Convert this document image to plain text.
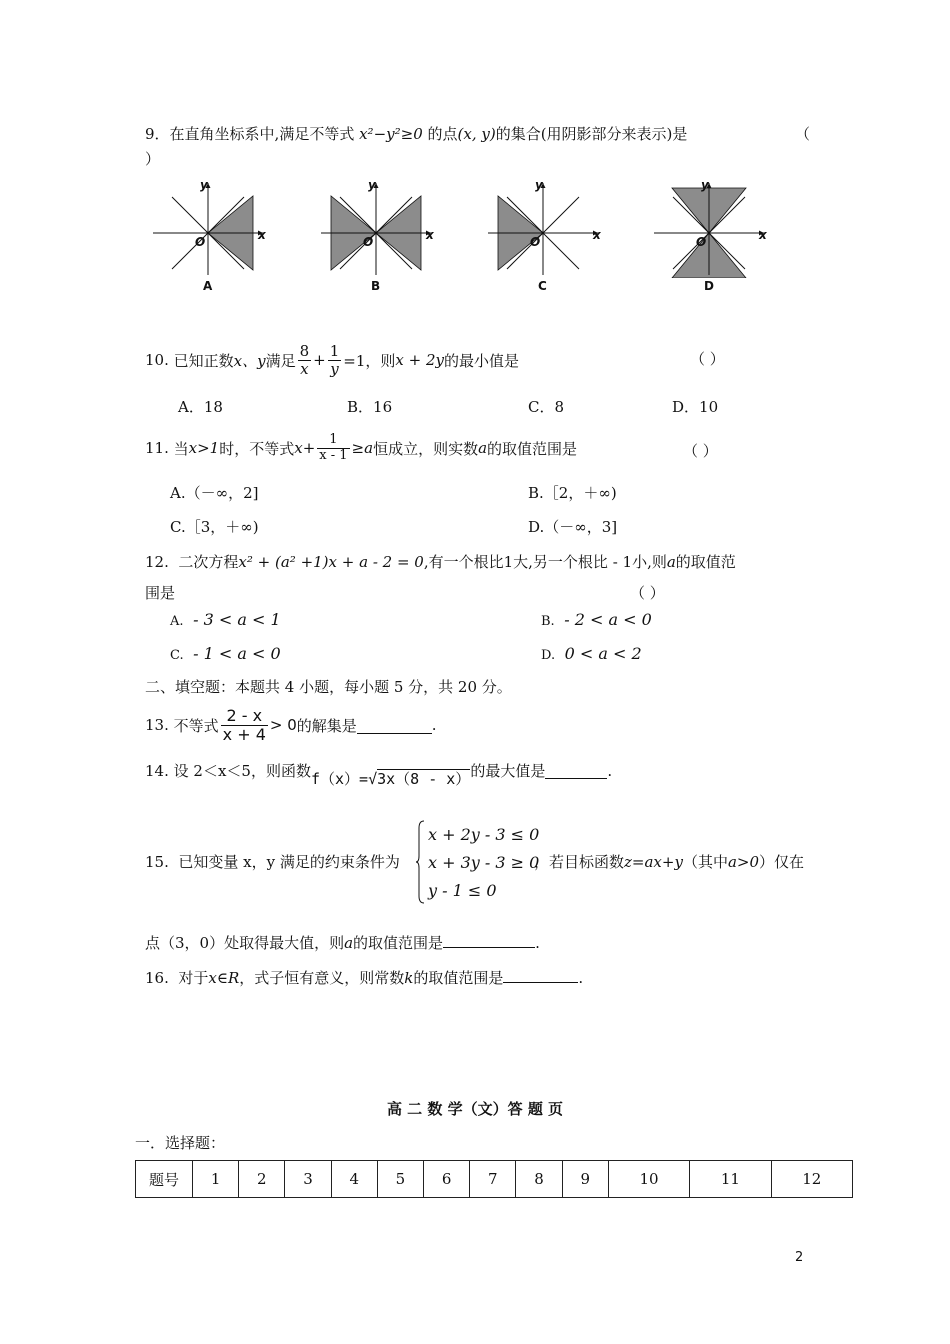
9．在直角坐标系中,满足不等式 x²−y²≥0 的点(x, y)的集合(用阴影部分来表示)是	（
）
y
x
O
A
y
x
O
B
y
x
O
C
y
x
O
D
10.
已知正数 x、y 满足 $\frac{8}{x} + \frac{1}{y} =1$，则 x + 2y 的最小值是	（ ）
A．18	B．16	C．8	D．10
11.
当 x>1 时，不等式 $x+ \frac{1}{x - 1} \ge a$ 恒成立，则实数 a 的取值范围是	（ ）
A.（－∞，2]	B.［2，＋∞)
C.［3，＋∞)	D.（－∞，3]
12. 二次方程x² + (a² +1)x + a - 2 = 0,有一个根比1大,另一个根比 - 1小,则a的取值范
围是	（ ）
A. - 3 < a < 1	B. - 2 < a < 0
C. - 1 < a < 0	D. 0 < a < 2
二、填空题：本题共 4 小题，每小题 5 分，共 20 分。
13.
不等式 $\frac{2 - x}{x + 4} > 0$ 的解集是	.
14.
设 2＜x＜5，则函数 f（x）= √3x（8 - x） 的最大值是	.
15. 已知变量 x，y 满足的约束条件为
x + 2y - 3 ≤ 0
x + 3y - 3 ≥ 0
y - 1 ≤ 0
，若目标函数z=ax+y（其中a>0）仅在
点（3，0）处取得最大值，则a的取值范围是	.
16. 对于x∈R，式子恒有意义，则常数k的取值范围是	.
高 二 数 学（文）答 题 页
一．选择题：
题号	1	2	3	4	5	6	7	8	9	10	11	12
2
